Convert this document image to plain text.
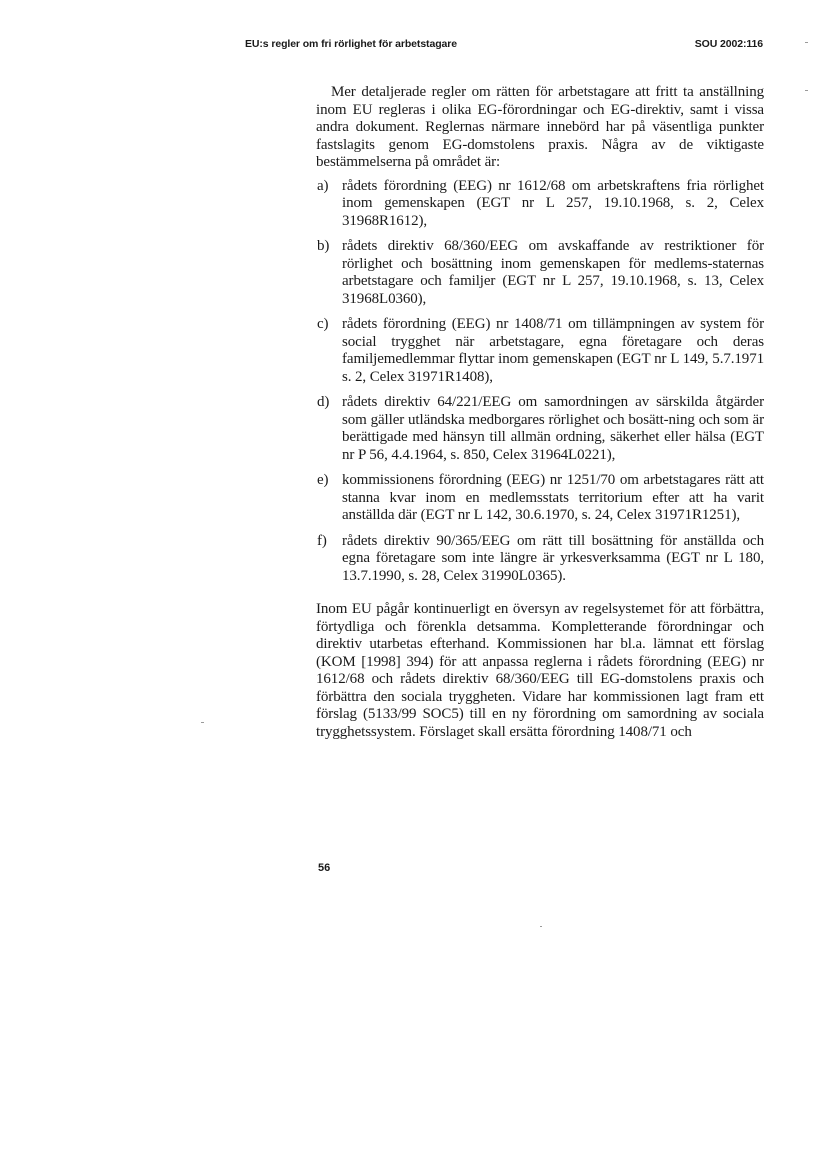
EU:s regler om fri rörlighet för arbetstagare	SOU 2002:116

Mer detaljerade regler om rätten för arbetstagare att fritt ta anställning inom EU regleras i olika EG-förordningar och EG-direktiv, samt i vissa andra dokument. Reglernas närmare innebörd har på väsentliga punkter fastslagits genom EG-domstolens praxis. Några av de viktigaste bestämmelserna på området är:

a) rådets förordning (EEG) nr 1612/68 om arbetskraftens fria rörlighet inom gemenskapen (EGT nr L 257, 19.10.1968, s. 2, Celex 31968R1612),
b) rådets direktiv 68/360/EEG om avskaffande av restriktioner för rörlighet och bosättning inom gemenskapen för medlems-staternas arbetstagare och familjer (EGT nr L 257, 19.10.1968, s. 13, Celex 31968L0360),
c) rådets förordning (EEG) nr 1408/71 om tillämpningen av system för social trygghet när arbetstagare, egna företagare och deras familjemedlemmar flyttar inom gemenskapen (EGT nr L 149, 5.7.1971 s. 2, Celex 31971R1408),
d) rådets direktiv 64/221/EEG om samordningen av särskilda åtgärder som gäller utländska medborgares rörlighet och bosätt-ning och som är berättigade med hänsyn till allmän ordning, säkerhet eller hälsa (EGT nr P 56, 4.4.1964, s. 850, Celex 31964L0221),
e) kommissionens förordning (EEG) nr 1251/70 om arbetstagares rätt att stanna kvar inom en medlemsstats territorium efter att ha varit anställda där (EGT nr L 142, 30.6.1970, s. 24, Celex 31971R1251),
f) rådets direktiv 90/365/EEG om rätt till bosättning för anställda och egna företagare som inte längre är yrkesverksamma (EGT nr L 180, 13.7.1990, s. 28, Celex 31990L0365).

Inom EU pågår kontinuerligt en översyn av regelsystemet för att förbättra, förtydliga och förenkla detsamma. Kompletterande förordningar och direktiv utarbetas efterhand. Kommissionen har bl.a. lämnat ett förslag (KOM [1998] 394) för att anpassa reglerna i rådets förordning (EEG) nr 1612/68 och rådets direktiv 68/360/EEG till EG-domstolens praxis och förbättra den sociala tryggheten. Vidare har kommissionen lagt fram ett förslag (5133/99 SOC5) till en ny förordning om samordning av sociala trygghetssystem. Förslaget skall ersätta förordning 1408/71 och

56
